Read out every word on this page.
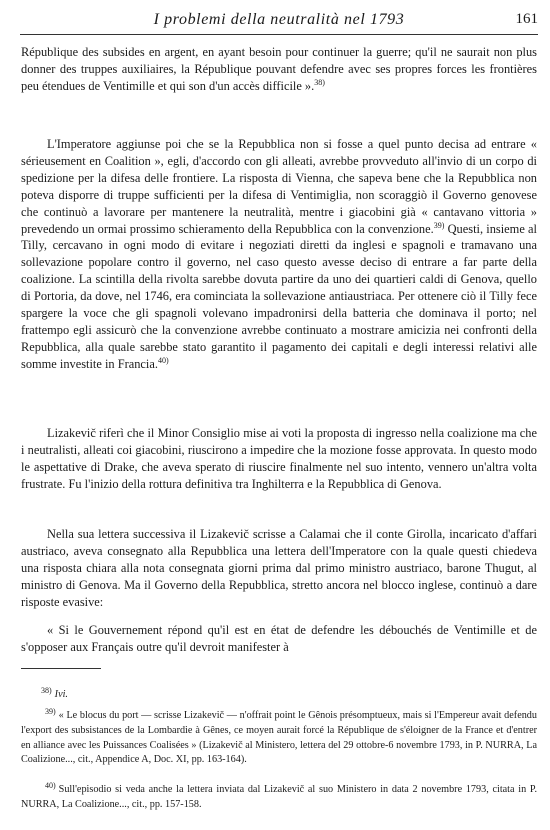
I problemi della neutralità nel 1793	161

République des subsides en argent, en ayant besoin pour continuer la guerre; qu'il ne saurait non plus donner des truppes auxiliaires, la République pouvant defendre avec ses propres forces les frontières peu étendues de Ventimille et qui son d'un accès difficile ».$^{38)}$

L'Imperatore aggiunse poi che se la Repubblica non si fosse a quel punto decisa ad entrare « sérieusement en Coalition », egli, d'accordo con gli alleati, avrebbe provveduto all'invio di un corpo di spedizione per la difesa delle frontiere. La risposta di Vienna, che sapeva bene che la Repubblica non poteva disporre di truppe sufficienti per la difesa di Ventimiglia, non scoraggiò il Governo genovese che continuò a lavorare per mantenere la neutralità, mentre i giacobini già « cantavano vittoria » prevedendo un ormai prossimo schieramento della Repubblica con la convenzione.$^{39)}$ Questi, insieme al Tilly, cercavano in ogni modo di evitare i negoziati diretti da inglesi e spagnoli e tramavano una sollevazione popolare contro il governo, nel caso questo avesse deciso di entrare a far parte della coalizione. La scintilla della rivolta sarebbe dovuta partire da uno dei quartieri caldi di Genova, quello di Portoria, da dove, nel 1746, era cominciata la sollevazione antiaustriaca. Per ottenere ciò il Tilly fece spargere la voce che gli spagnoli volevano impadronirsi della batteria che dominava il porto; nel frattempo egli assicurò che la convenzione avrebbe continuato a mostrare amicizia nei confronti della Repubblica, alla quale sarebbe stato garantito il pagamento dei capitali e degli interessi relativi alle somme investite in Francia.$^{40)}$

Lizakevič riferì che il Minor Consiglio mise ai voti la proposta di ingresso nella coalizione ma che i neutralisti, alleati coi giacobini, riuscirono a impedire che la mozione fosse approvata. In questo modo le aspettative di Drake, che aveva sperato di riuscire finalmente nel suo intento, vennero un'altra volta frustrate. Fu l'inizio della rottura definitiva tra Inghilterra e la Repubblica di Genova.

Nella sua lettera successiva il Lizakevič scrisse a Calamai che il conte Girolla, incaricato d'affari austriaco, aveva consegnato alla Repubblica una lettera dell'Imperatore con la quale questi chiedeva una risposta chiara alla nota consegnata giorni prima dal primo ministro austriaco, barone Thugut, al ministro di Genova. Ma il Governo della Repubblica, stretto ancora nel blocco inglese, continuò a dare risposte evasive:

« Si le Gouvernement répond qu'il est en état de defendre les débouchés de Ventimille et de s'opposer aux Français outre qu'il devroit manifester à

$^{38)}$ Ivi.

$^{39)}$ « Le blocus du port — scrisse Lizakevič — n'offrait point le Gênois présomptueux, mais si l'Empereur avait defendu l'export des subsistances de la Lombardie à Gênes, ce moyen aurait forcé la République de s'éloigner de la France et d'entrer en alliance avec les Puissances Coalisées » (Lizakevič al Ministero, lettera del 29 ottobre-6 novembre 1793, in P. NURRA, La Coalizione..., cit., Appendice A, Doc. XI, pp. 163-164).

$^{40)}$ Sull'episodio si veda anche la lettera inviata dal Lizakevič al suo Ministero in data 2 novembre 1793, citata in P. NURRA, La Coalizione..., cit., pp. 157-158.
